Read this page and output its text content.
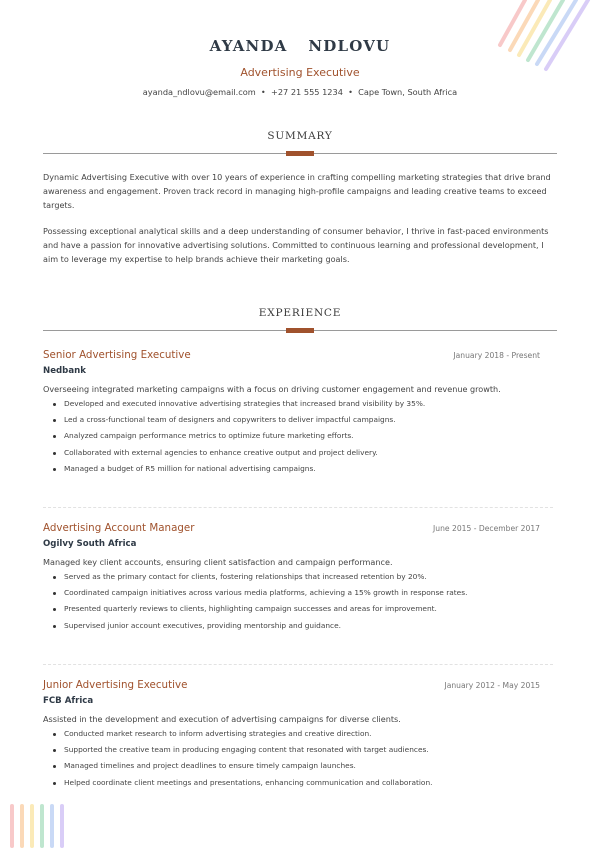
AYANDA  NDLOVU
Advertising Executive
ayanda_ndlovu@email.com  •  +27 21 555 1234  •  Cape Town, South Africa
SUMMARY
Dynamic Advertising Executive with over 10 years of experience in crafting compelling marketing strategies that drive brand awareness and engagement. Proven track record in managing high-profile campaigns and leading creative teams to exceed targets.
Possessing exceptional analytical skills and a deep understanding of consumer behavior, I thrive in fast-paced environments and have a passion for innovative advertising solutions. Committed to continuous learning and professional development, I aim to leverage my expertise to help brands achieve their marketing goals.
EXPERIENCE
Senior Advertising Executive	January 2018 - Present
Nedbank
Overseeing integrated marketing campaigns with a focus on driving customer engagement and revenue growth.
Developed and executed innovative advertising strategies that increased brand visibility by 35%.
Led a cross-functional team of designers and copywriters to deliver impactful campaigns.
Analyzed campaign performance metrics to optimize future marketing efforts.
Collaborated with external agencies to enhance creative output and project delivery.
Managed a budget of R5 million for national advertising campaigns.
Advertising Account Manager	June 2015 - December 2017
Ogilvy South Africa
Managed key client accounts, ensuring client satisfaction and campaign performance.
Served as the primary contact for clients, fostering relationships that increased retention by 20%.
Coordinated campaign initiatives across various media platforms, achieving a 15% growth in response rates.
Presented quarterly reviews to clients, highlighting campaign successes and areas for improvement.
Supervised junior account executives, providing mentorship and guidance.
Junior Advertising Executive	January 2012 - May 2015
FCB Africa
Assisted in the development and execution of advertising campaigns for diverse clients.
Conducted market research to inform advertising strategies and creative direction.
Supported the creative team in producing engaging content that resonated with target audiences.
Managed timelines and project deadlines to ensure timely campaign launches.
Helped coordinate client meetings and presentations, enhancing communication and collaboration.
